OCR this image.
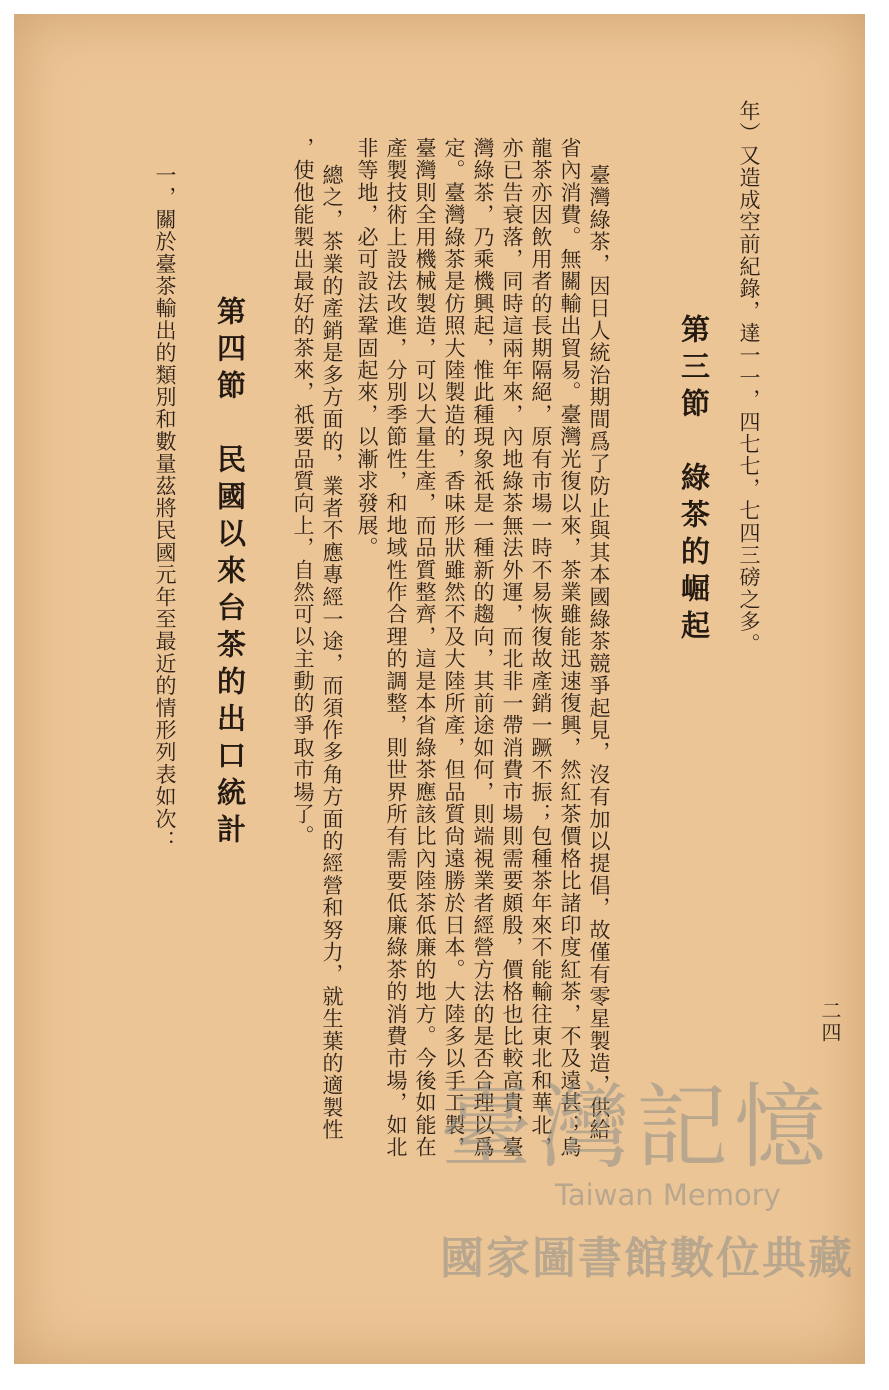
二四
年）又造成空前紀錄，達一一，四七七，七四三磅之多。
第三節　綠茶的崛起
臺灣綠茶，因日人統治期間爲了防止與其本國綠茶競爭起見，沒有加以提倡，故僅有零星製造，供給
省內消費。無關輸出貿易。臺灣光復以來，茶業雖能迅速復興，然紅茶價格比諸印度紅茶，不及遠甚；烏
龍茶亦因飲用者的長期隔絕，原有市場一時不易恢復故產銷一蹶不振；包種茶年來不能輸往東北和華北，
亦已告衰落，同時這兩年來，內地綠茶無法外運，而北非一帶消費市場則需要頗殷，價格也比較高貴，臺
灣綠茶，乃乘機興起，惟此種現象祇是一種新的趨向，其前途如何，則端視業者經營方法的是否合理以爲
定。臺灣綠茶是仿照大陸製造的，香味形狀雖然不及大陸所產，但品質尙遠勝於日本。大陸多以手工製，
臺灣則全用機械製造，可以大量生產，而品質整齊，這是本省綠茶應該比內陸茶低廉的地方。今後如能在
產製技術上設法改進，分別季節性，和地域性作合理的調整，則世界所有需要低廉綠茶的消費市場，如北
非等地，必可設法鞏固起來，以漸求發展。
總之，茶業的產銷是多方面的，業者不應專經一途，而須作多角方面的經營和努力，就生葉的適製性
，使他能製出最好的茶來，祇要品質向上，自然可以主動的爭取市場了。
第四節　民國以來台茶的出口統計
一，關於臺茶輸出的類別和數量茲將民國元年至最近的情形列表如次：
臺灣記憶
Taiwan Memory
國家圖書館數位典藏
